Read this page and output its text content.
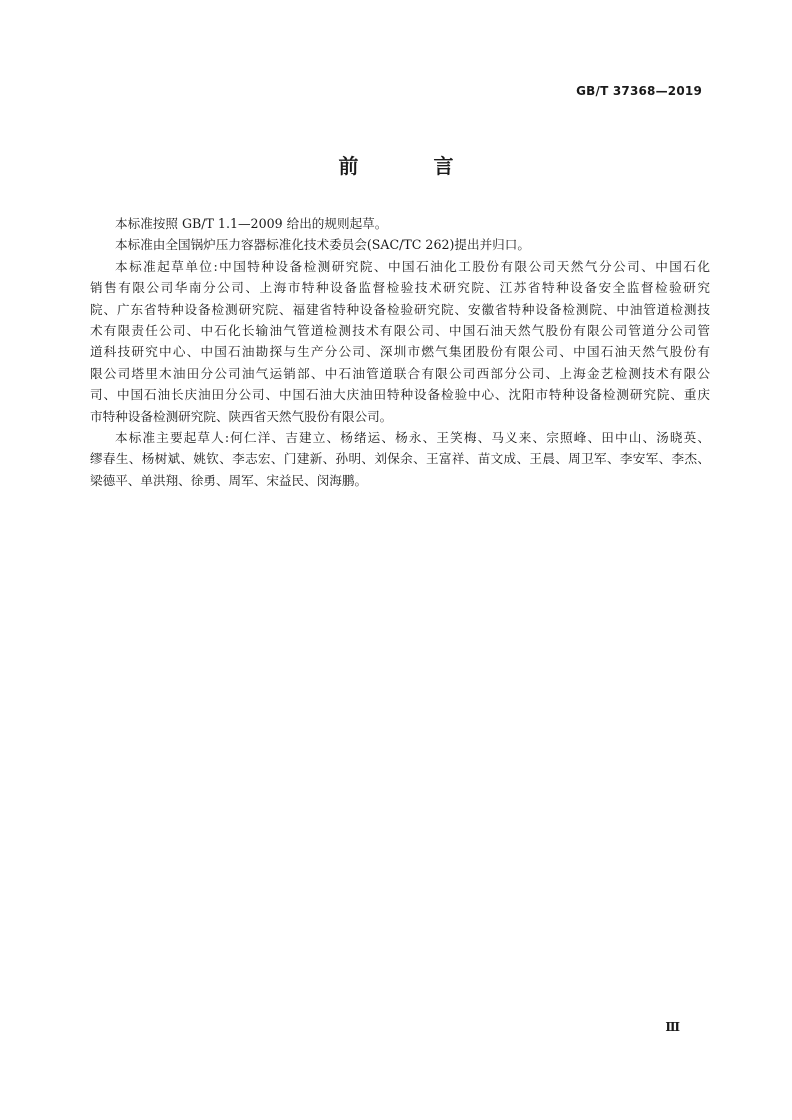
GB/T 37368—2019
前 言

本标准按照 GB/T 1.1—2009 给出的规则起草。

本标准由全国锅炉压力容器标准化技术委员会(SAC/TC 262)提出并归口。

本标准起草单位:中国特种设备检测研究院、中国石油化工股份有限公司天然气分公司、中国石化
销售有限公司华南分公司、上海市特种设备监督检验技术研究院、江苏省特种设备安全监督检验研究
院、广东省特种设备检测研究院、福建省特种设备检验研究院、安徽省特种设备检测院、中油管道检测技
术有限责任公司、中石化长输油气管道检测技术有限公司、中国石油天然气股份有限公司管道分公司管
道科技研究中心、中国石油勘探与生产分公司、深圳市燃气集团股份有限公司、中国石油天然气股份有
限公司塔里木油田分公司油气运销部、中石油管道联合有限公司西部分公司、上海金艺检测技术有限公
司、中国石油长庆油田分公司、中国石油大庆油田特种设备检验中心、沈阳市特种设备检测研究院、重庆
市特种设备检测研究院、陕西省天然气股份有限公司。

本标准主要起草人:何仁洋、吉建立、杨绪运、杨永、王笑梅、马义来、宗照峰、田中山、汤晓英、
缪春生、杨树斌、姚钦、李志宏、门建新、孙明、刘保余、王富祥、苗文成、王晨、周卫军、李安军、李杰、
梁德平、单洪翔、徐勇、周军、宋益民、闵海鹏。

Ⅲ
